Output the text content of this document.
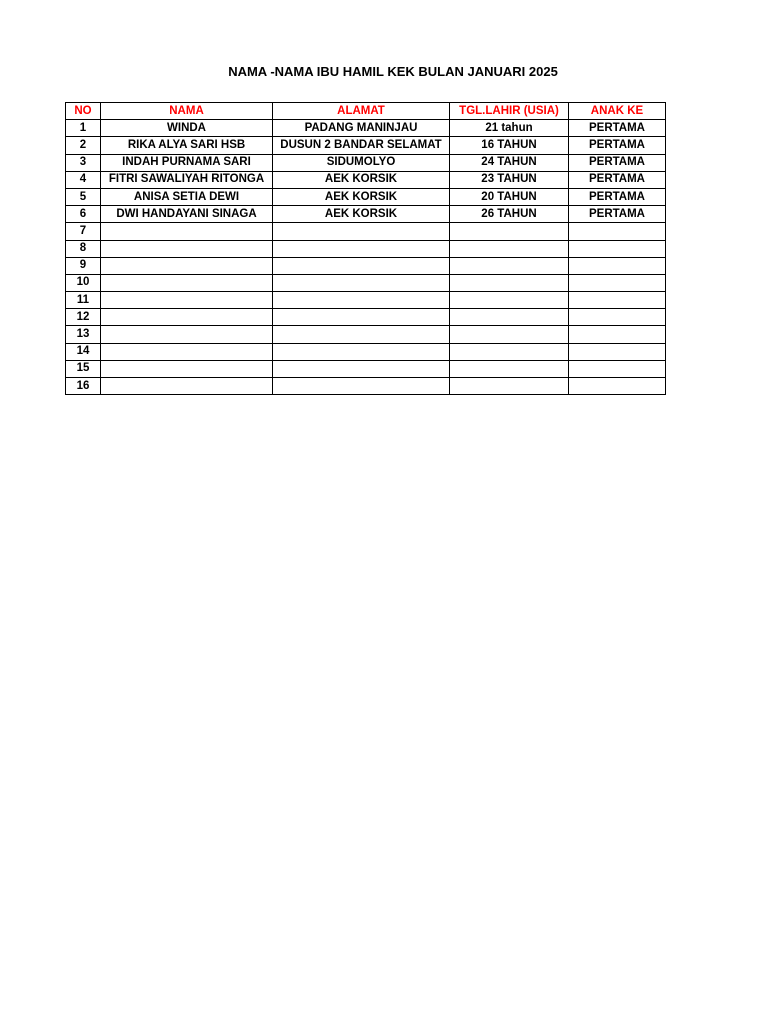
NAMA -NAMA IBU HAMIL KEK BULAN JANUARI 2025
NO	NAMA	ALAMAT	TGL.LAHIR (USIA)	ANAK KE
1	WINDA	PADANG MANINJAU	21 tahun	PERTAMA
2	RIKA ALYA SARI HSB	DUSUN 2 BANDAR SELAMAT	16 TAHUN	PERTAMA
3	INDAH PURNAMA SARI	SIDUMOLYO	24 TAHUN	PERTAMA
4	FITRI SAWALIYAH RITONGA	AEK KORSIK	23 TAHUN	PERTAMA
5	ANISA SETIA DEWI	AEK KORSIK	20 TAHUN	PERTAMA
6	DWI HANDAYANI SINAGA	AEK KORSIK	26 TAHUN	PERTAMA
7				
8				
9				
10				
11				
12				
13				
14				
15				
16				
